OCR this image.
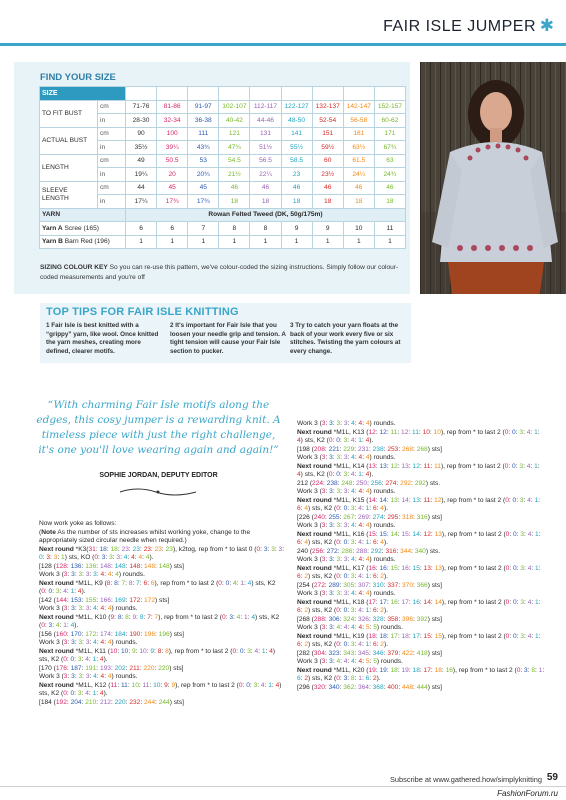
FAIR ISLE JUMPER ✱
FIND YOUR SIZE
SIZE		4-6	8-10	12-14	16-18	20-22	24-26	28-30	32-34	36-38
TO FIT BUST	cm	71-76	81-86	91-97	102-107	112-117	122-127	132-137	142-147	152-157
	in	28-30	32-34	36-38	40-42	44-46	48-50	52-54	56-58	60-62
ACTUAL BUST	cm	90	100	111	121	131	141	151	161	171
	in	35½	39¼	43¾	47¾	51½	55½	59½	63½	67¾
LENGTH	cm	49	50.5	53	54.5	56.5	58.5	60	61.5	63
	in	19¼	20	20¾	21½	22¼	23	23½	24¼	24¾
SLEEVE LENGTH	cm	44	45	45	46	46	46	46	46	46
	in	17¼	17¾	17¾	18	18	18	18	18	18
YARN		Rowan Felted Tweed (DK, 50g/175m)								
Yarn A Scree (165)		6	6	7	8	8	9	9	10	11
Yarn B Barn Red (196)		1	1	1	1	1	1	1	1	1
SIZING COLOUR KEY So you can re-use this pattern, we've colour-coded the sizing instructions. Simply follow our colour-coded measurements and you're off
TOP TIPS FOR FAIR ISLE KNITTING
1 Fair Isle is best knitted with a “grippy” yarn, like wool. Once knitted the yarn meshes, creating more defined, clearer motifs.
2 It's important for Fair Isle that you loosen your needle grip and tension. A tight tension will cause your Fair Isle section to pucker.
3 Try to catch your yarn floats at the back of your work every five or six stitches. Twisting the yarn colours at every change.
“With charming Fair Isle motifs along the edges, this cosy jumper is a rewarding knit. A timeless piece with just the right challenge, it's one you'll love wearing again and again!”
SOPHIE JORDAN, DEPUTY EDITOR

Now work yoke as follows:

(Note As the number of sts increases whilst working yoke, change to the appropriately sized circular needle when required.)

Next round *K3(31: 18: 18: 23: 23: 23: 23: 23), k2tog, rep from * to last 0 (0: 3: 3: 3: 0: 3: 3: 1) sts, KO (0: 3: 3: 3: 4: 4: 4: 4).

[128 (128: 136: 136: 148: 148: 148: 148: 148) sts]

Work 3 (3: 3: 3: 3: 3: 4: 4: 4) rounds.

Next round *M1L, K9 (8: 8: 7: 8: 7: 6: 6), rep from * to last 2 (0: 0: 4: 1: 4) sts, K2 (0: 0: 3: 4: 1: 4).

[142 (144: 153: 155: 166: 169: 172: 172) sts]

Work 3 (3: 3: 3: 3: 4: 4: 4) rounds.

Next round *M1L, K10 (9: 8: 8: 9: 8: 7: 7), rep from * to last 2 (0: 3: 4: 1: 4) sts, K2 (0: 3: 4: 1: 4).

[156 (160: 170: 172: 174: 184: 190: 196: 196) sts]

Work 3 (3: 3: 3: 3: 4: 4: 4) rounds.

Next round *M1L, K11 (10: 10: 9: 10: 9: 8: 8), rep from * to last 2 (0: 0: 3: 4: 1: 4) sts, K2 (0: 0: 3: 4: 1: 4).

[170 (176: 187: 191: 193: 202: 211: 220: 220) sts]

Work 3 (3: 3: 3: 3: 4: 4: 4) rounds.

Next round *M1L, K12 (11: 11: 10: 11: 10: 9: 9), rep from * to last 2 (0: 0: 3: 4: 1: 4) sts, K2 (0: 0: 3: 4: 1: 4).

[184 (192: 204: 210: 212: 220: 232: 244: 244) sts]

Work 3 (3: 3: 3: 3: 4: 4: 4) rounds.

Next round *M1L, K13 (12: 12: 11: 12: 11: 10: 10), rep from * to last 2 (0: 0: 3: 4: 1: 4) sts, K2 (0: 0: 3: 4: 1: 4).

[198 (208: 221: 229: 231: 238: 253: 268: 268) sts]

Work 3 (3: 3: 3: 3: 4: 4: 4) rounds.

Next round *M1L, K14 (13: 13: 12: 13: 12: 11: 11), rep from * to last 2 (0: 0: 3: 4: 1: 4) sts, K2 (0: 0: 3: 4: 1: 4).

212 (224: 238: 248: 250: 256: 274: 292: 292) sts.

Work 3 (3: 3: 3: 3: 4: 4: 4) rounds.

Next round *M1L, K15 (14: 14: 13: 14: 13: 11: 12), rep from * to last 2 (0: 0: 3: 4: 1: 6: 4) sts, K2 (0: 0: 3: 4: 1: 6: 4).

[226 (240: 255: 267: 269: 274: 295: 318: 316) sts]

Work 3 (3: 3: 3: 3: 4: 4: 4) rounds.

Next round *M1L, K16 (15: 15: 14: 15: 14: 12: 13), rep from * to last 2 (0: 0: 3: 4: 1: 6: 4) sts, K2 (0: 0: 3: 4: 1: 6: 4).

240 (256: 272: 286: 288: 292: 316: 344: 340) sts.

Work 3 (3: 3: 3: 3: 4: 4: 4) rounds.

Next round *M1L, K17 (16: 16: 15: 16: 15: 13: 13), rep from * to last 2 (0: 0: 3: 4: 1: 6: 2) sts, K2 (0: 0: 3: 4: 1: 6: 2).

[254 (272: 289: 305: 307: 310: 337: 370: 366) sts]

Work 3 (3: 3: 3: 3: 4: 4: 4) rounds.

Next round *M1L, K18 (17: 17: 16: 17: 16: 14: 14), rep from * to last 2 (0: 0: 3: 4: 1: 6: 2) sts, K2 (0: 0: 3: 4: 1: 6: 2).

[268 (288: 306: 324: 326: 328: 358: 396: 392) sts]

Work 3 (3: 3: 4: 4: 4: 4: 5: 5) rounds.

Next round *M1L, K19 (18: 18: 17: 18: 17: 15: 15), rep from * to last 2 (0: 0: 3: 4: 1: 6: 2) sts, K2 (0: 0: 3: 4: 1: 6: 2).

[282 (304: 323: 343: 345: 346: 379: 422: 418) sts]

Work 3 (3: 3: 4: 4: 4: 4: 5: 5) rounds.

Next round *M1L, K20 (19: 19: 18: 19: 18: 17: 18: 16), rep from * to last 2 (0: 3: 8: 1: 6: 2) sts, K2 (0: 3: 8: 1: 6: 2).

[296 (320: 340: 362: 364: 368: 400: 448: 444) sts]

Subscribe at www.gathered.how/simplyknitting 59
FashionForum.ru
